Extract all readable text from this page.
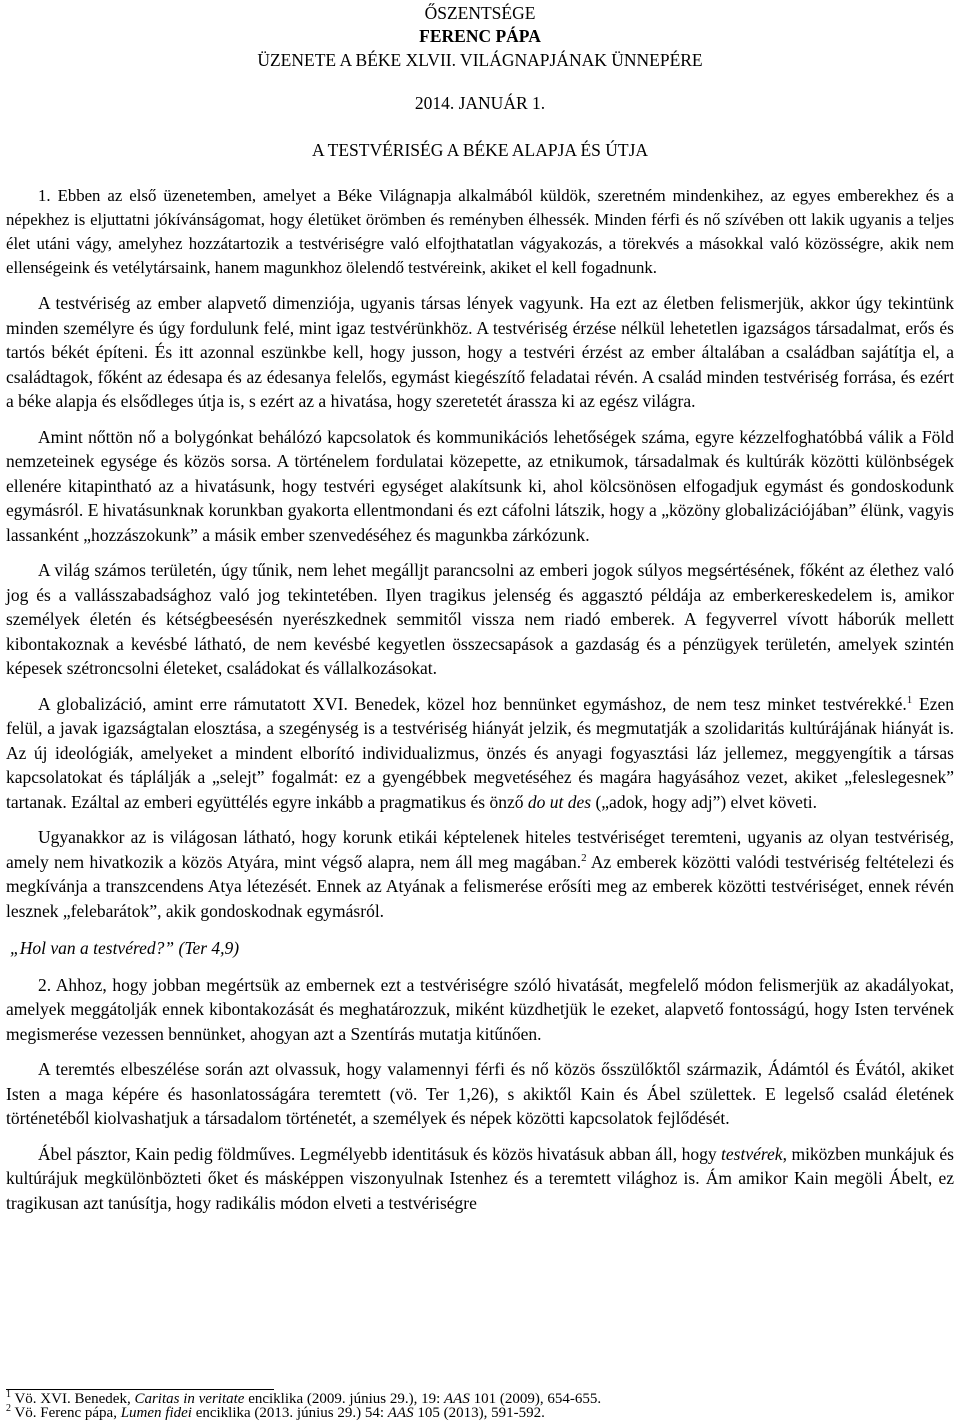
ŐSZENTSÉGE
FERENC PÁPA
ÜZENETE A BÉKE XLVII. VILÁGNAPJÁNAK ÜNNEPÉRE
2014. JANUÁR 1.
A TESTVÉRISÉG A BÉKE ALAPJA ÉS ÚTJA

1. Ebben az első üzenetemben, amelyet a Béke Világnapja alkalmából küldök, szeretném mindenkihez, az egyes emberekhez és a népekhez is eljuttatni jókívánságomat, hogy életüket örömben és reményben élhessék. Minden férfi és nő szívében ott lakik ugyanis a teljes élet utáni vágy, amelyhez hozzátartozik a testvériségre való elfojthatatlan vágyakozás, a törekvés a másokkal való közösségre, akik nem ellenségeink és vetélytársaink, hanem magunkhoz ölelendő testvéreink, akiket el kell fogadnunk.

A testvériség az ember alapvető dimenziója, ugyanis társas lények vagyunk. Ha ezt az életben felismerjük, akkor úgy tekintünk minden személyre és úgy fordulunk felé, mint igaz testvérünkhöz. A testvériség érzése nélkül lehetetlen igazságos társadalmat, erős és tartós békét építeni. És itt azonnal eszünkbe kell, hogy jusson, hogy a testvéri érzést az ember általában a családban sajátítja el, a családtagok, főként az édesapa és az édesanya felelős, egymást kiegészítő feladatai révén. A család minden testvériség forrása, és ezért a béke alapja és elsődleges útja is, s ezért az a hivatása, hogy szeretetét árassza ki az egész világra.

Amint nőttön nő a bolygónkat behálózó kapcsolatok és kommunikációs lehetőségek száma, egyre kézzelfoghatóbbá válik a Föld nemzeteinek egysége és közös sorsa. A történelem fordulatai közepette, az etnikumok, társadalmak és kultúrák közötti különbségek ellenére kitapintható az a hivatásunk, hogy testvéri egységet alakítsunk ki, ahol kölcsönösen elfogadjuk egymást és gondoskodunk egymásról. E hivatásunknak korunkban gyakorta ellentmondani és ezt cáfolni látszik, hogy a „közöny globalizációjában” élünk, vagyis lassanként „hozzászokunk” a másik ember szenvedéséhez és magunkba zárkózunk.

A világ számos területén, úgy tűnik, nem lehet megálljt parancsolni az emberi jogok súlyos megsértésének, főként az élethez való jog és a vallásszabadsághoz való jog tekintetében. Ilyen tragikus jelenség és aggasztó példája az emberkereskedelem is, amikor személyek életén és kétségbeesésén nyerészkednek semmitől vissza nem riadó emberek. A fegyverrel vívott háborúk mellett kibontakoznak a kevésbé látható, de nem kevésbé kegyetlen összecsapások a gazdaság és a pénzügyek területén, amelyek szintén képesek szétroncsolni életeket, családokat és vállalkozásokat.

A globalizáció, amint erre rámutatott XVI. Benedek, közel hoz bennünket egymáshoz, de nem tesz minket testvérekké.$^1$ Ezen felül, a javak igazságtalan elosztása, a szegénység is a testvériség hiányát jelzik, és megmutatják a szolidaritás kultúrájának hiányát is. Az új ideológiák, amelyeket a mindent elborító individualizmus, önzés és anyagi fogyasztási láz jellemez, meggyengítik a társas kapcsolatokat és táplálják a „selejt” fogalmát: ez a gyengébbek megvetéséhez és magára hagyásához vezet, akiket „feleslegesnek” tartanak. Ezáltal az emberi együttélés egyre inkább a pragmatikus és önző do ut des („adok, hogy adj”) elvet követi.

Ugyanakkor az is világosan látható, hogy korunk etikái képtelenek hiteles testvériséget teremteni, ugyanis az olyan testvériség, amely nem hivatkozik a közös Atyára, mint végső alapra, nem áll meg magában.$^2$ Az emberek közötti valódi testvériség feltételezi és megkívánja a transzcendens Atya létezését. Ennek az Atyának a felismerése erősíti meg az emberek közötti testvériséget, ennek révén lesznek „felebarátok”, akik gondoskodnak egymásról.

„Hol van a testvéred?” (Ter 4,9)

2. Ahhoz, hogy jobban megértsük az embernek ezt a testvériségre szóló hivatását, megfelelő módon felismerjük az akadályokat, amelyek meggátolják ennek kibontakozását és meghatározzuk, miként küzdhetjük le ezeket, alapvető fontosságú, hogy Isten tervének megismerése vezessen bennünket, ahogyan azt a Szentírás mutatja kitűnően.

A teremtés elbeszélése során azt olvassuk, hogy valamennyi férfi és nő közös ősszülőktől származik, Ádámtól és Évától, akiket Isten a maga képére és hasonlatosságára teremtett (vö. Ter 1,26), s akiktől Kain és Ábel születtek. E legelső család életének történetéből kiolvashatjuk a társadalom történetét, a személyek és népek közötti kapcsolatok fejlődését.

Ábel pásztor, Kain pedig földműves. Legmélyebb identitásuk és közös hivatásuk abban áll, hogy testvérek, miközben munkájuk és kultúrájuk megkülönbözteti őket és másképpen viszonyulnak Istenhez és a teremtett világhoz is. Ám amikor Kain megöli Ábelt, ez tragikusan azt tanúsítja, hogy radikális módon elveti a testvériségre

$^1$ Vö. XVI. Benedek, Caritas in veritate enciklika (2009. június 29.), 19: AAS 101 (2009), 654-655.

$^2$ Vö. Ferenc pápa, Lumen fidei enciklika (2013. június 29.) 54: AAS 105 (2013), 591-592.
